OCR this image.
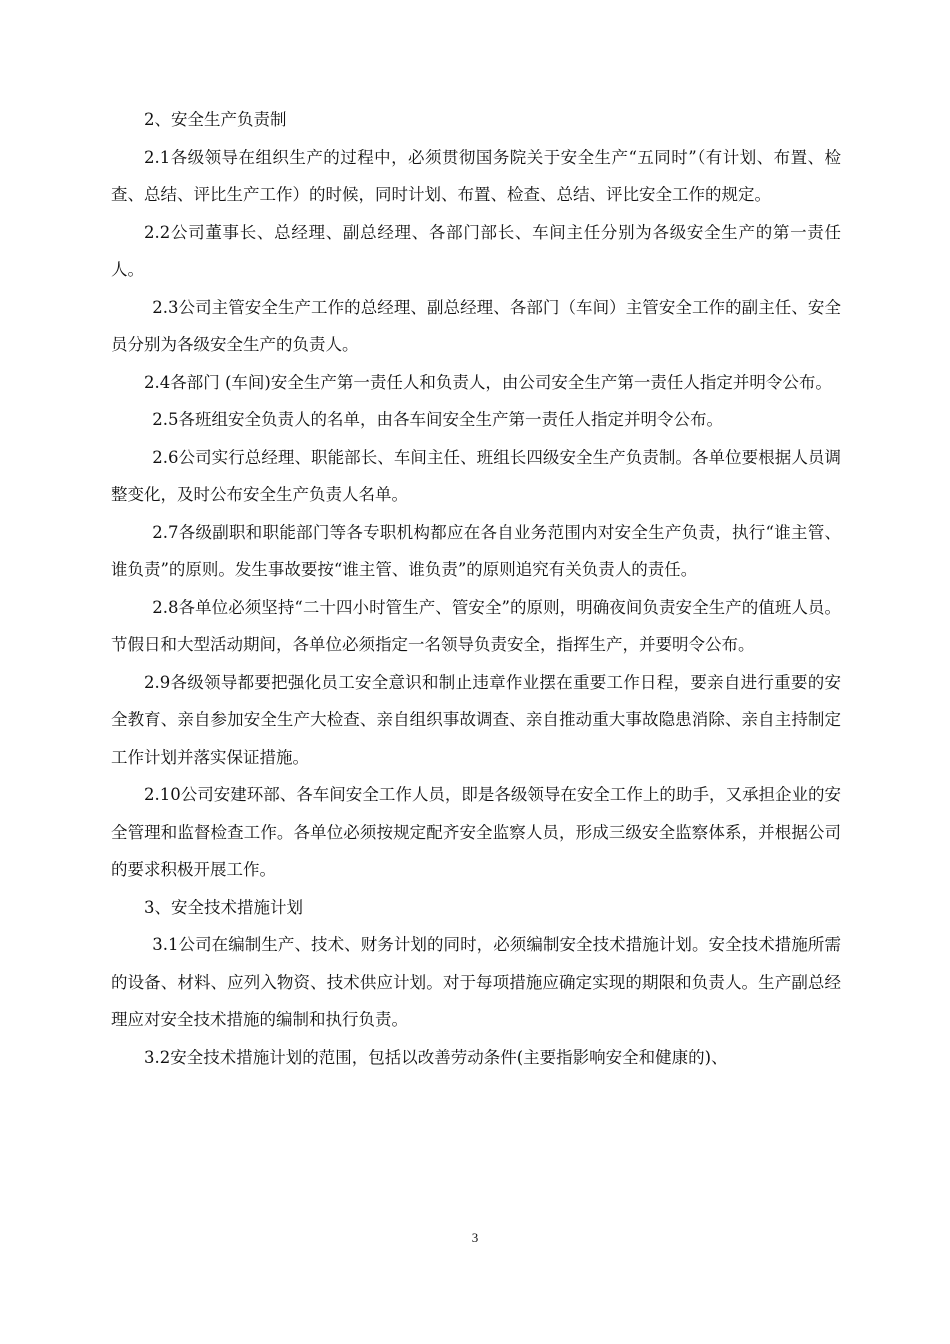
2、安全生产负责制

2.1各级领导在组织生产的过程中，必须贯彻国务院关于安全生产“五同时”（有计划、布置、检查、总结、评比生产工作）的时候，同时计划、布置、检查、总结、评比安全工作的规定。

2.2公司董事长、总经理、副总经理、各部门部长、车间主任分别为各级安全生产的第一责任人。

2.3公司主管安全生产工作的总经理、副总经理、各部门（车间）主管安全工作的副主任、安全员分别为各级安全生产的负责人。

2.4各部门 (车间)安全生产第一责任人和负责人，由公司安全生产第一责任人指定并明令公布。

2.5各班组安全负责人的名单，由各车间安全生产第一责任人指定并明令公布。

2.6公司实行总经理、职能部长、车间主任、班组长四级安全生产负责制。各单位要根据人员调整变化，及时公布安全生产负责人名单。

2.7各级副职和职能部门等各专职机构都应在各自业务范围内对安全生产负责，执行“谁主管、谁负责”的原则。发生事故要按“谁主管、谁负责”的原则追究有关负责人的责任。

2.8各单位必须坚持“二十四小时管生产、管安全”的原则，明确夜间负责安全生产的值班人员。节假日和大型活动期间，各单位必须指定一名领导负责安全，指挥生产，并要明令公布。

2.9各级领导都要把强化员工安全意识和制止违章作业摆在重要工作日程，要亲自进行重要的安全教育、亲自参加安全生产大检查、亲自组织事故调查、亲自推动重大事故隐患消除、亲自主持制定工作计划并落实保证措施。

2.10公司安建环部、各车间安全工作人员，即是各级领导在安全工作上的助手，又承担企业的安全管理和监督检查工作。各单位必须按规定配齐安全监察人员，形成三级安全监察体系，并根据公司的要求积极开展工作。

3、安全技术措施计划

3.1公司在编制生产、技术、财务计划的同时，必须编制安全技术措施计划。安全技术措施所需的设备、材料、应列入物资、技术供应计划。对于每项措施应确定实现的期限和负责人。生产副总经理应对安全技术措施的编制和执行负责。

3.2安全技术措施计划的范围，包括以改善劳动条件(主要指影响安全和健康的)、

3
